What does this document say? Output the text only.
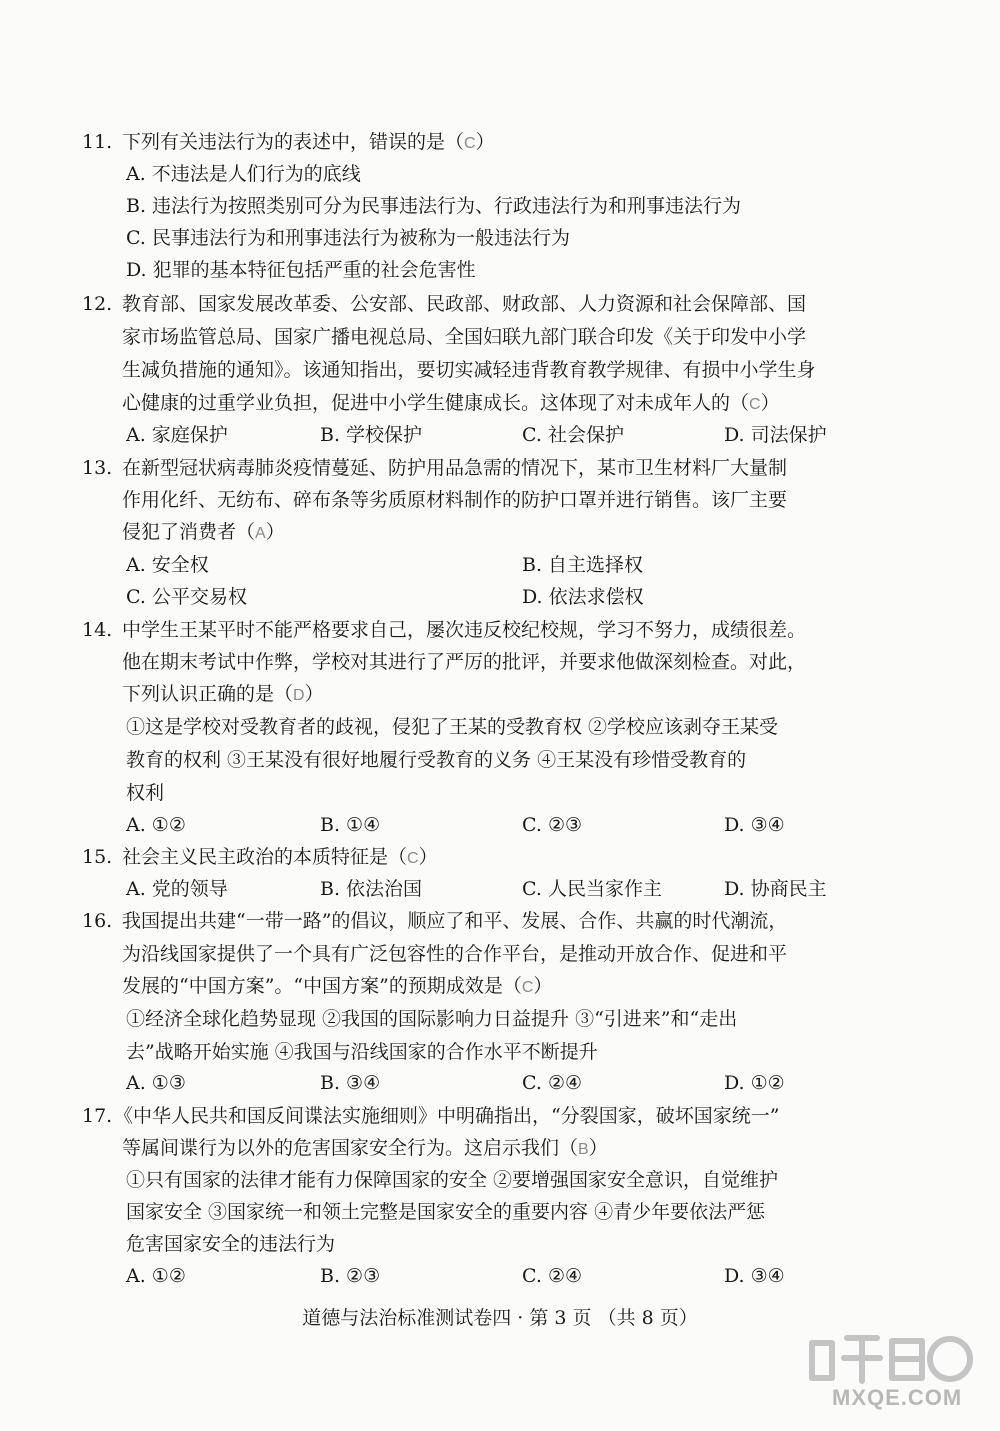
11. 下列有关违法行为的表述中，错误的是（C）
A. 不违法是人们行为的底线
B. 违法行为按照类别可分为民事违法行为、行政违法行为和刑事违法行为
C. 民事违法行为和刑事违法行为被称为一般违法行为
D. 犯罪的基本特征包括严重的社会危害性
12. 教育部、国家发展改革委、公安部、民政部、财政部、人力资源和社会保障部、国
家市场监管总局、国家广播电视总局、全国妇联九部门联合印发《关于印发中小学
生减负措施的通知》。该通知指出，要切实减轻违背教育教学规律、有损中小学生身
心健康的过重学业负担，促进中小学生健康成长。这体现了对未成年人的（C）
A. 家庭保护	B. 学校保护	C. 社会保护	D. 司法保护
13. 在新型冠状病毒肺炎疫情蔓延、防护用品急需的情况下，某市卫生材料厂大量制
作用化纤、无纺布、碎布条等劣质原材料制作的防护口罩并进行销售。该厂主要
侵犯了消费者（A）
A. 安全权	B. 自主选择权
C. 公平交易权	D. 依法求偿权
14. 中学生王某平时不能严格要求自己，屡次违反校纪校规，学习不努力，成绩很差。
他在期末考试中作弊，学校对其进行了严厉的批评，并要求他做深刻检查。对此，
下列认识正确的是（D）
①这是学校对受教育者的歧视，侵犯了王某的受教育权 ②学校应该剥夺王某受
教育的权利 ③王某没有很好地履行受教育的义务 ④王某没有珍惜受教育的
权利
A. ①②	B. ①④	C. ②③	D. ③④
15. 社会主义民主政治的本质特征是（C）
A. 党的领导	B. 依法治国	C. 人民当家作主	D. 协商民主
16. 我国提出共建“一带一路”的倡议，顺应了和平、发展、合作、共赢的时代潮流，
为沿线国家提供了一个具有广泛包容性的合作平台，是推动开放合作、促进和平
发展的“中国方案”。“中国方案”的预期成效是（C）
①经济全球化趋势显现 ②我国的国际影响力日益提升 ③“引进来”和“走出
去”战略开始实施 ④我国与沿线国家的合作水平不断提升
A. ①③	B. ③④	C. ②④	D. ①②
17. 《中华人民共和国反间谍法实施细则》中明确指出，“分裂国家，破坏国家统一”
等属间谍行为以外的危害国家安全行为。这启示我们（B）
①只有国家的法律才能有力保障国家的安全 ②要增强国家安全意识，自觉维护
国家安全 ③国家统一和领土完整是国家安全的重要内容 ④青少年要依法严惩
危害国家安全的违法行为
A. ①②	B. ②③	C. ②④	D. ③④
道德与法治标准测试卷四 · 第 3 页 （共 8 页）
MXQE.COM
